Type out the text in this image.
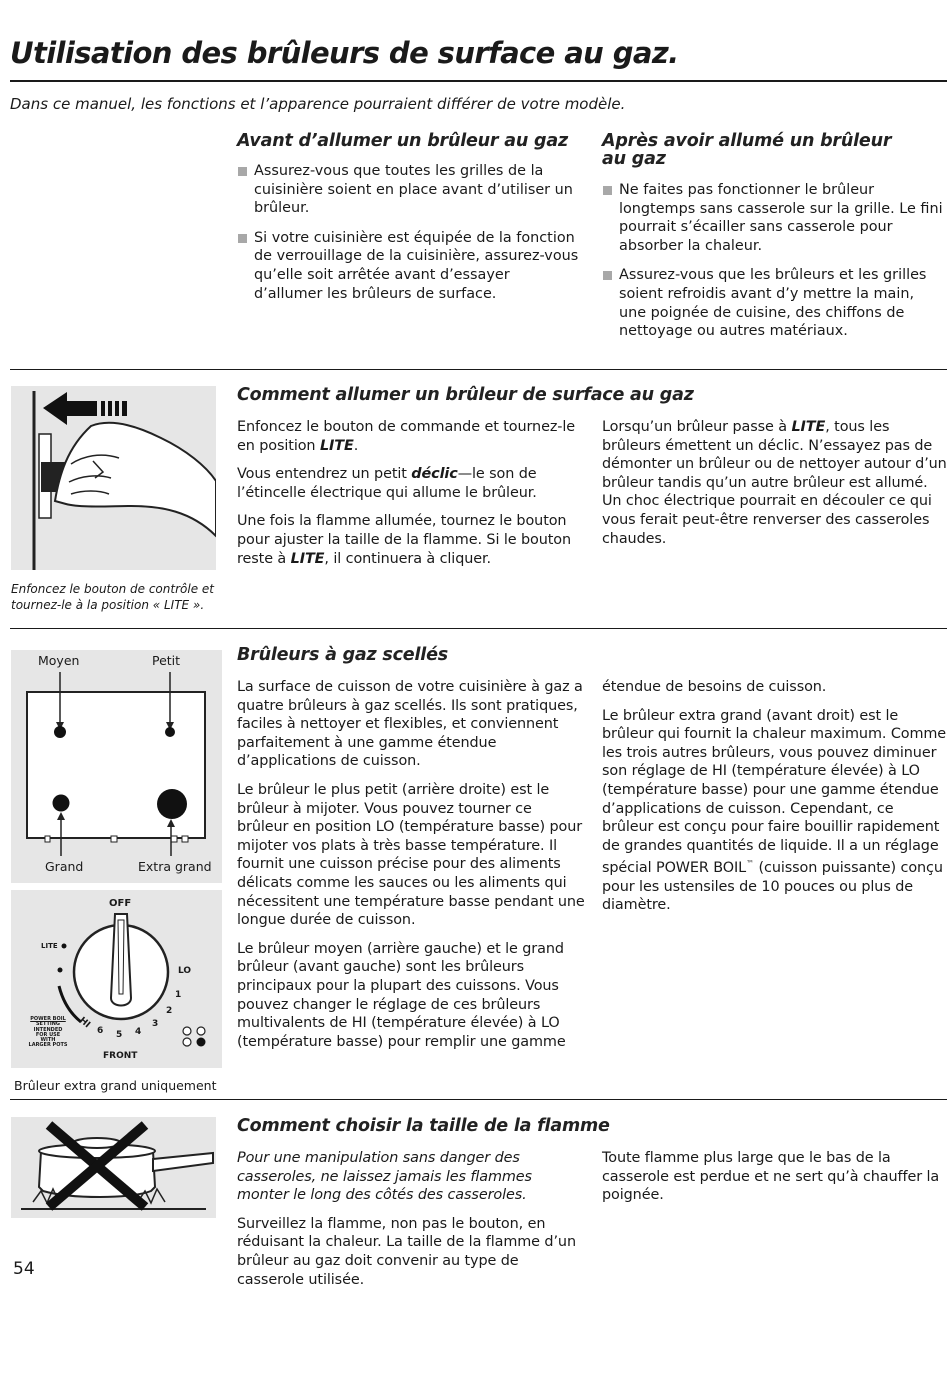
Utilisation des brûleurs de surface au gaz.
Dans ce manuel, les fonctions et l’apparence pourraient différer de votre modèle.
Avant d’allumer un brûleur au gaz
Assurez-vous que toutes les grilles de la cuisinière soient en place avant d’utiliser un brûleur.
Si votre cuisinière est équipée de la fonction de verrouillage de la cuisinière, assurez-vous qu’elle soit arrêtée avant d’essayer d’allumer les brûleurs de surface.
Après avoir allumé un brûleur au gaz
Ne faites pas fonctionner le brûleur longtemps sans casserole sur la grille. Le fini pourrait s’écailler sans casserole pour absorber la chaleur.
Assurez-vous que les brûleurs et les grilles soient refroidis avant d’y mettre la main, une poignée de cuisine, des chiffons de nettoyage ou autres matériaux.
Enfoncez le bouton de contrôle et tournez-le à la position « LITE ».
Comment allumer un brûleur de surface au gaz

Enfoncez le bouton de commande et tournez-le en position LITE.

Vous entendrez un petit déclic—le son de l’étincelle électrique qui allume le brûleur.

Une fois la flamme allumée, tournez le bouton pour ajuster la taille de la flamme. Si le bouton reste à LITE, il continuera à cliquer.

Lorsqu’un brûleur passe à LITE, tous les brûleurs émettent un déclic. N’essayez pas de démonter un brûleur ou de nettoyer autour d’un brûleur tandis qu’un autre brûleur est allumé. Un choc électrique pourrait en découler ce qui vous ferait peut-être renverser des casseroles chaudes.

Moyen	Petit
Grand	Extra grand
OFF
LITE
LO
1
2
3
4
5
6
HI
POWER BOIL
SETTING
INTENDED
FOR USE WITH
LARGER POTS
FRONT
Brûleur extra grand uniquement
Brûleurs à gaz scellés

La surface de cuisson de votre cuisinière à gaz a quatre brûleurs à gaz scellés. Ils sont pratiques, faciles à nettoyer et flexibles, et conviennent parfaitement à une gamme étendue d’applications de cuisson.

Le brûleur le plus petit (arrière droite) est le brûleur à mijoter. Vous pouvez tourner ce brûleur en position LO (température basse) pour mijoter vos plats à très basse température. Il fournit une cuisson précise pour des aliments délicats comme les sauces ou les aliments qui nécessitent une température basse pendant une longue durée de cuisson.

Le brûleur moyen (arrière gauche) et le grand brûleur (avant gauche) sont les brûleurs principaux pour la plupart des cuissons. Vous pouvez changer le réglage de ces brûleurs multivalents de HI (température élevée) à LO (température basse) pour remplir une gamme

étendue de besoins de cuisson.

Le brûleur extra grand (avant droit) est le brûleur qui fournit la chaleur maximum. Comme les trois autres brûleurs, vous pouvez diminuer son réglage de HI (température élevée) à LO (température basse) pour une gamme étendue d’applications de cuisson. Cependant, ce brûleur est conçu pour faire bouillir rapidement de grandes quantités de liquide. Il a un réglage spécial POWER BOIL™ (cuisson puissante) conçu pour les ustensiles de 10 pouces ou plus de diamètre.

Comment choisir la taille de la flamme

Pour une manipulation sans danger des casseroles, ne laissez jamais les flammes monter le long des côtés des casseroles.

Surveillez la flamme, non pas le bouton, en réduisant la chaleur. La taille de la flamme d’un brûleur au gaz doit convenir au type de casserole utilisée.

Toute flamme plus large que le bas de la casserole est perdue et ne sert qu’à chauffer la poignée.

54
